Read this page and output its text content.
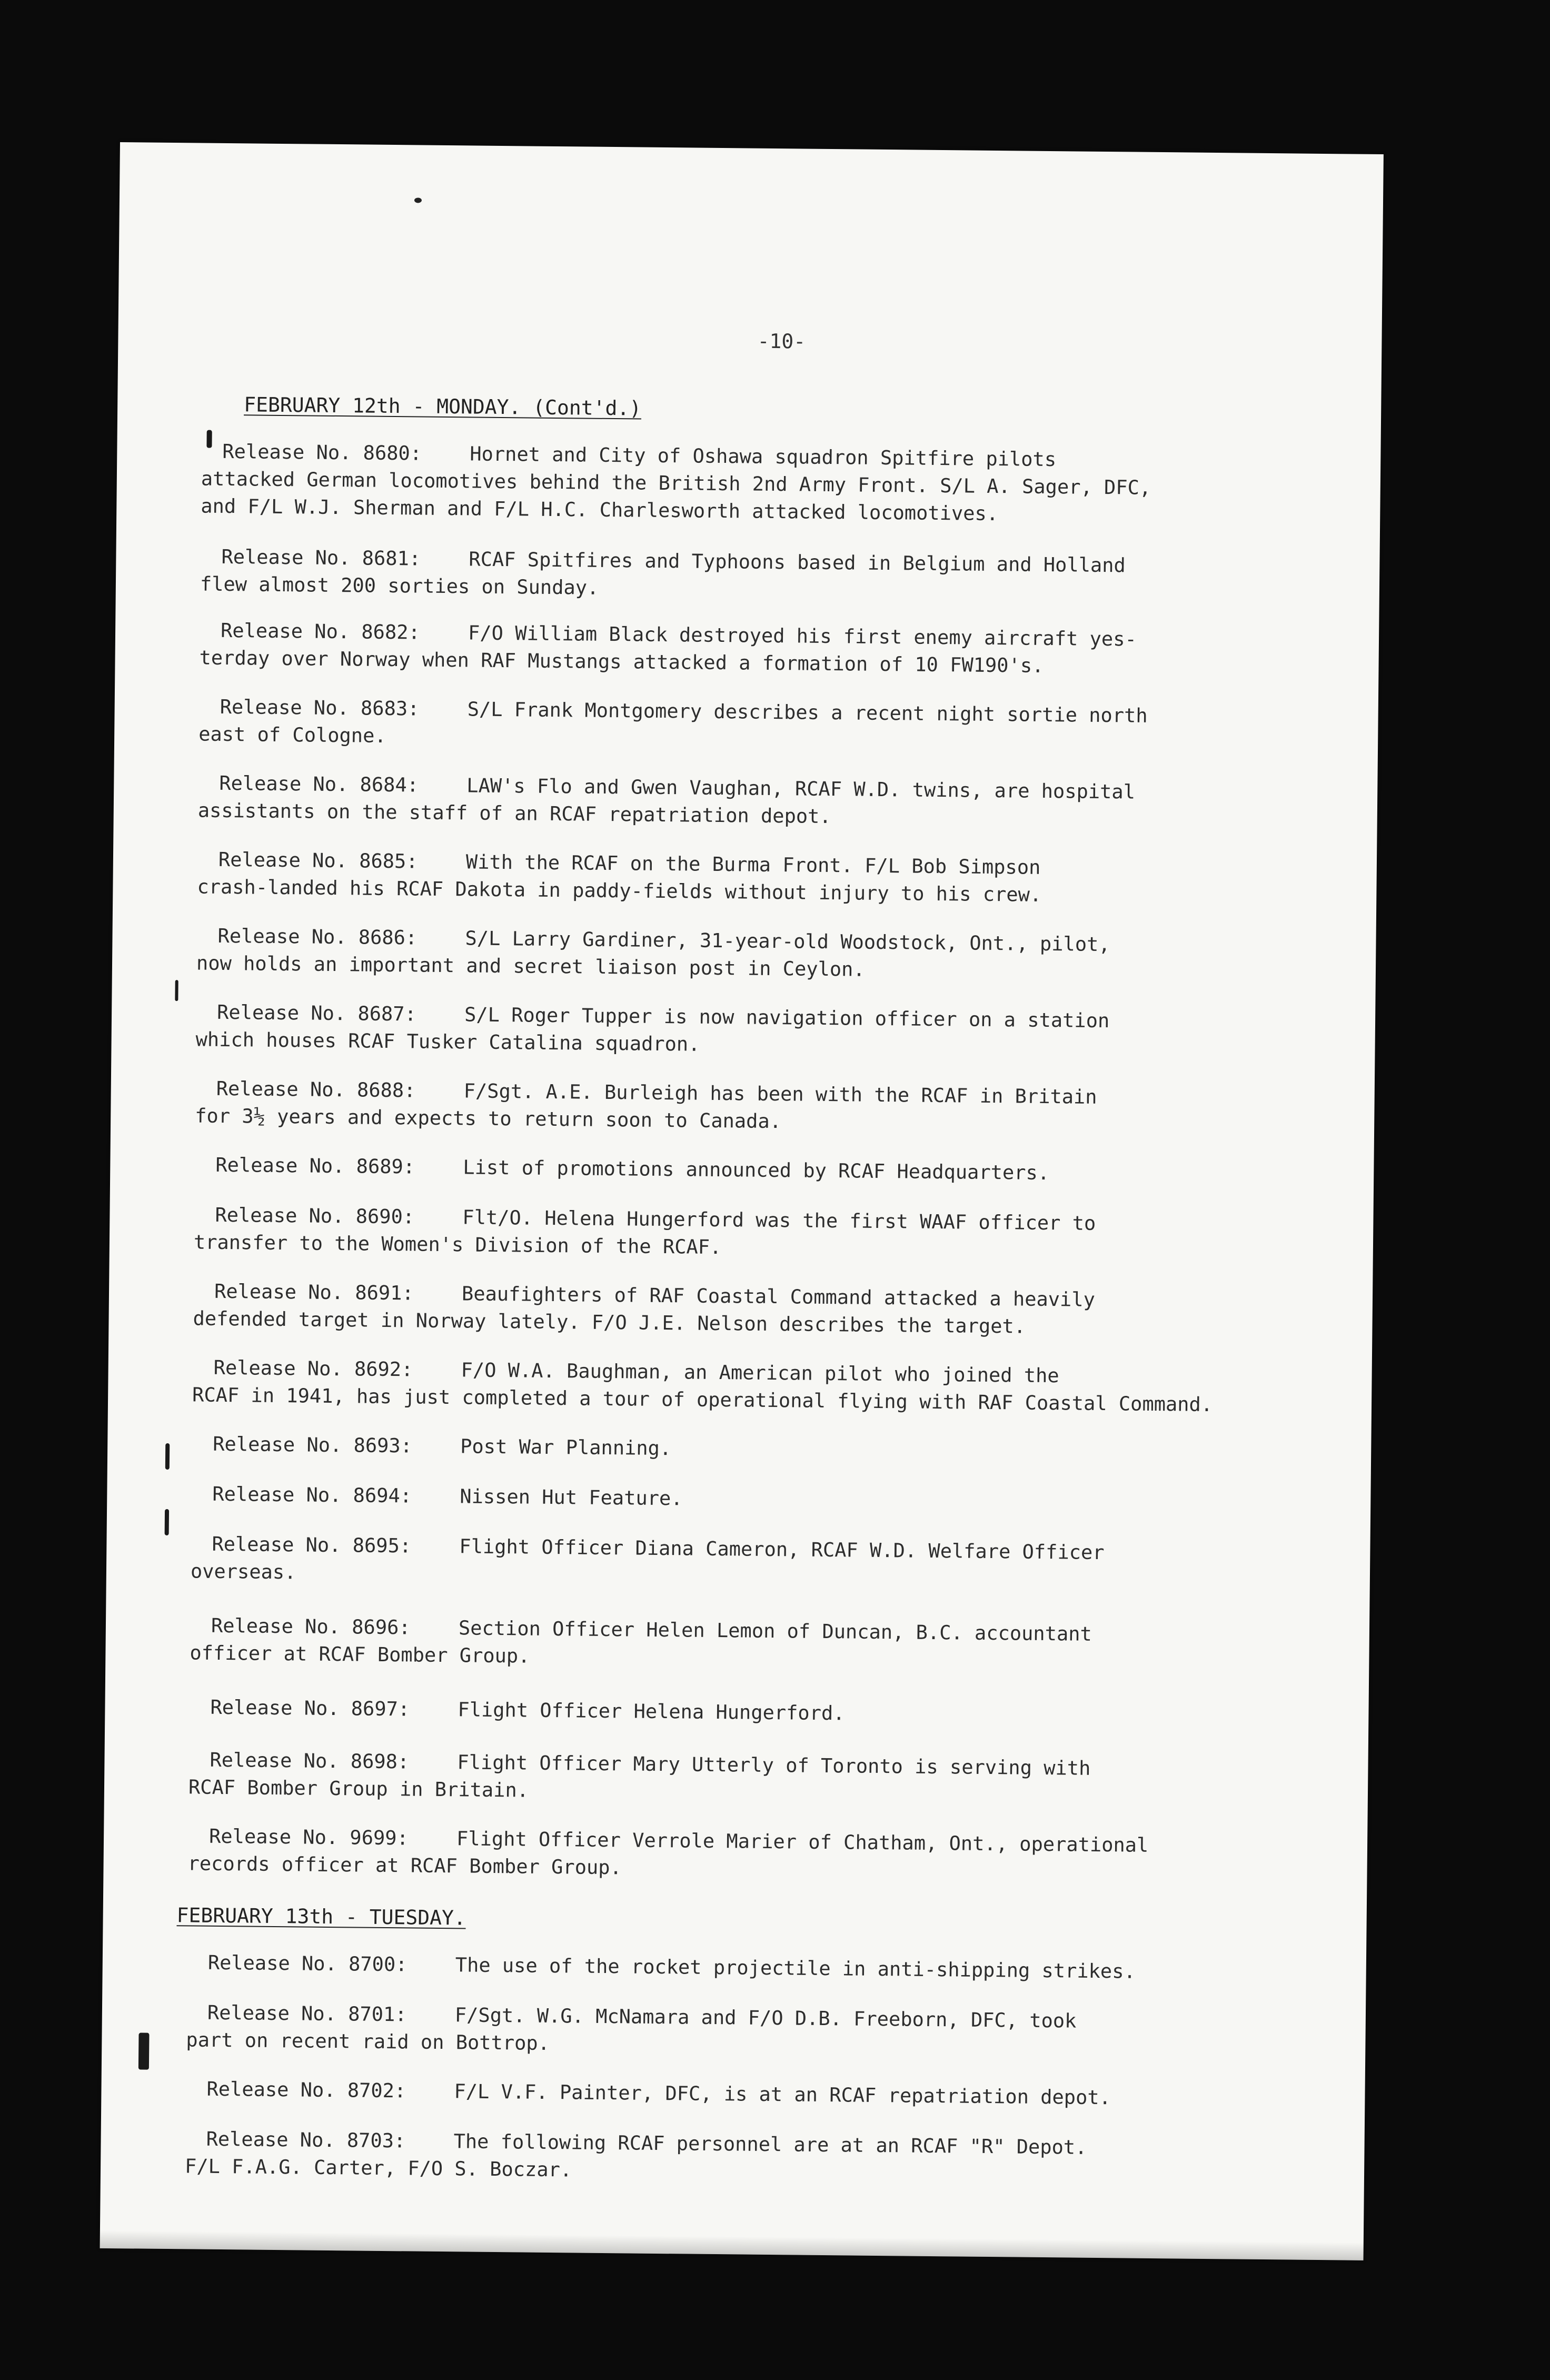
-10-
FEBRUARY 12th - MONDAY. (Cont'd.)
Release No. 8680: Hornet and City of Oshawa squadron Spitfire pilots
attacked German locomotives behind the British 2nd Army Front. S/L A. Sager, DFC,
and F/L W.J. Sherman and F/L H.C. Charlesworth attacked locomotives.
Release No. 8681: RCAF Spitfires and Typhoons based in Belgium and Holland
flew almost 200 sorties on Sunday.
Release No. 8682: F/O William Black destroyed his first enemy aircraft yes-
terday over Norway when RAF Mustangs attacked a formation of 10 FW190's.
Release No. 8683: S/L Frank Montgomery describes a recent night sortie north
east of Cologne.
Release No. 8684: LAW's Flo and Gwen Vaughan, RCAF W.D. twins, are hospital
assistants on the staff of an RCAF repatriation depot.
Release No. 8685: With the RCAF on the Burma Front. F/L Bob Simpson
crash-landed his RCAF Dakota in paddy-fields without injury to his crew.
Release No. 8686: S/L Larry Gardiner, 31-year-old Woodstock, Ont., pilot,
now holds an important and secret liaison post in Ceylon.
Release No. 8687: S/L Roger Tupper is now navigation officer on a station
which houses RCAF Tusker Catalina squadron.
Release No. 8688: F/Sgt. A.E. Burleigh has been with the RCAF in Britain
for 3½ years and expects to return soon to Canada.
Release No. 8689: List of promotions announced by RCAF Headquarters.
Release No. 8690: Flt/O. Helena Hungerford was the first WAAF officer to
transfer to the Women's Division of the RCAF.
Release No. 8691: Beaufighters of RAF Coastal Command attacked a heavily
defended target in Norway lately. F/O J.E. Nelson describes the target.
Release No. 8692: F/O W.A. Baughman, an American pilot who joined the
RCAF in 1941, has just completed a tour of operational flying with RAF Coastal Command.
Release No. 8693: Post War Planning.
Release No. 8694: Nissen Hut Feature.
Release No. 8695: Flight Officer Diana Cameron, RCAF W.D. Welfare Officer
overseas.
Release No. 8696: Section Officer Helen Lemon of Duncan, B.C. accountant
officer at RCAF Bomber Group.
Release No. 8697: Flight Officer Helena Hungerford.
Release No. 8698: Flight Officer Mary Utterly of Toronto is serving with
RCAF Bomber Group in Britain.
Release No. 9699: Flight Officer Verrole Marier of Chatham, Ont., operational
records officer at RCAF Bomber Group.
FEBRUARY 13th - TUESDAY.
Release No. 8700: The use of the rocket projectile in anti-shipping strikes.
Release No. 8701: F/Sgt. W.G. McNamara and F/O D.B. Freeborn, DFC, took
part on recent raid on Bottrop.
Release No. 8702: F/L V.F. Painter, DFC, is at an RCAF repatriation depot.
Release No. 8703: The following RCAF personnel are at an RCAF "R" Depot.
F/L F.A.G. Carter, F/O S. Boczar.
